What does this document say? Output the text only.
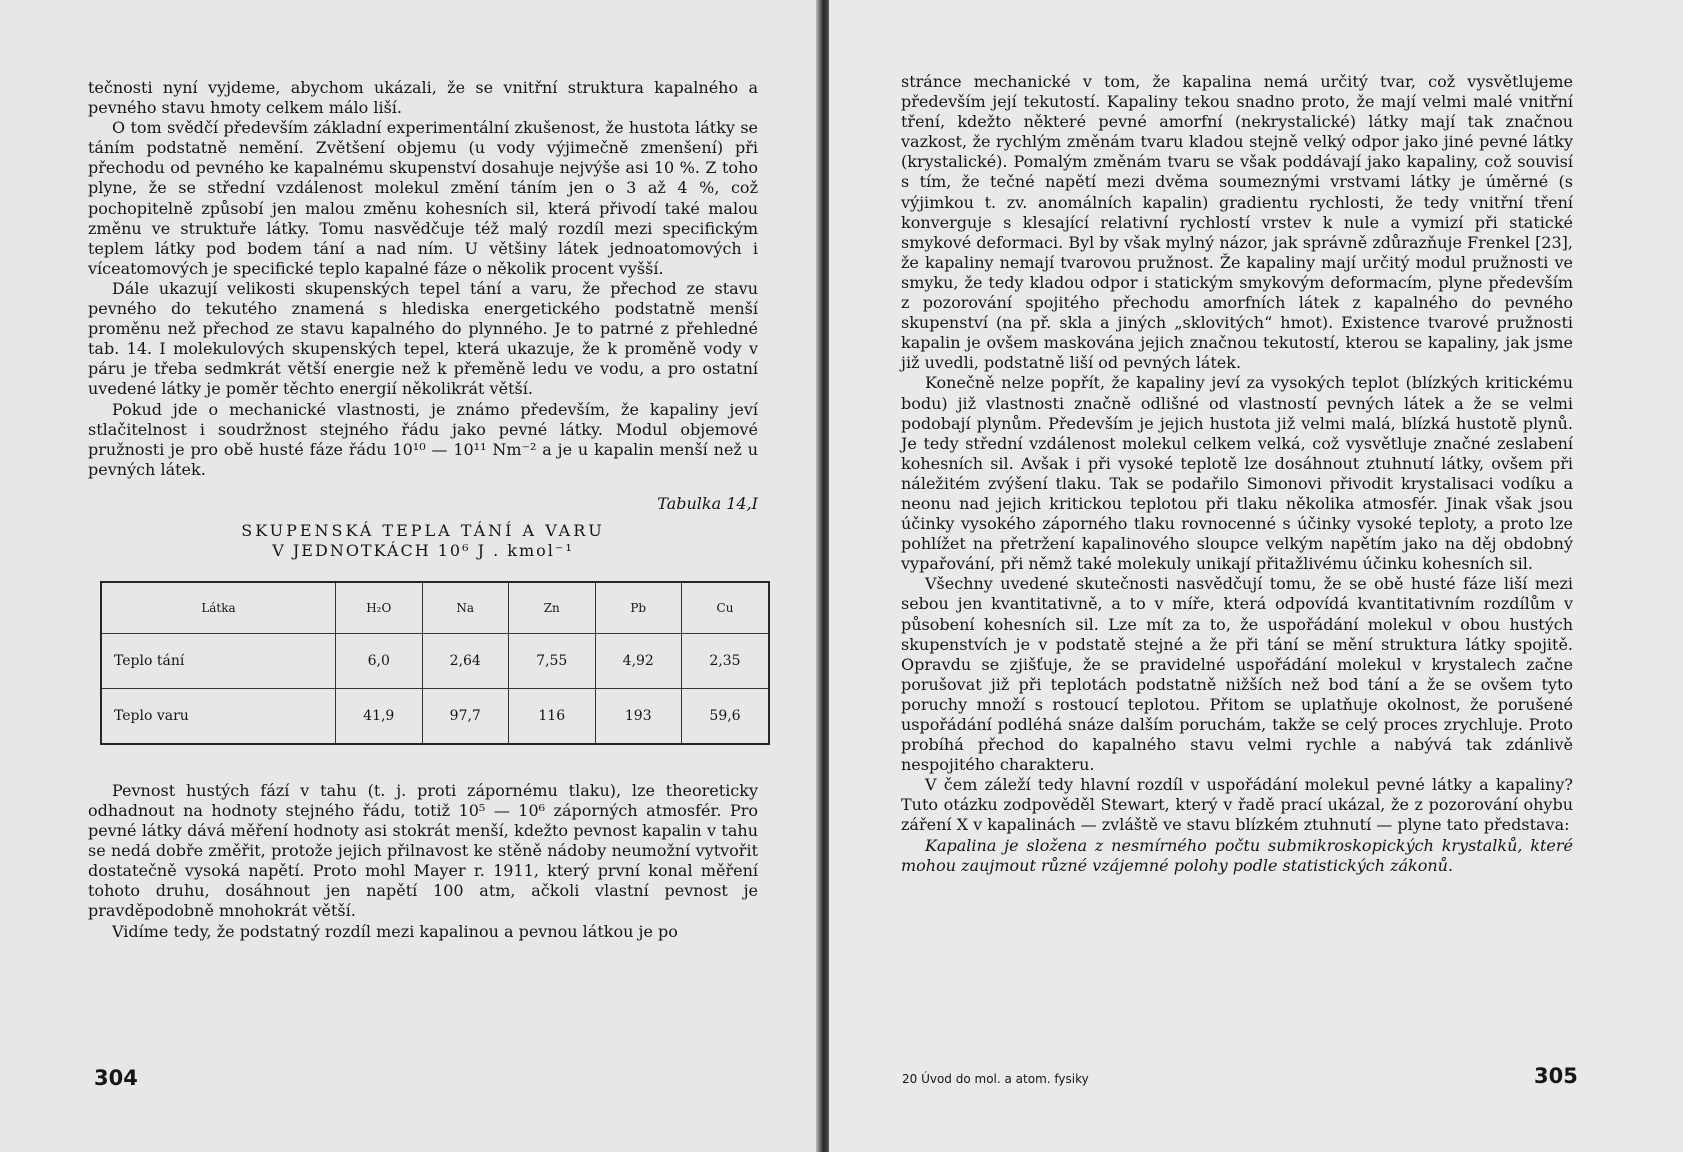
tečnosti nyní vyjdeme, abychom ukázali, že se vnitřní struktura kapalného a pevného stavu hmoty celkem málo liší.

O tom svědčí především základní experimentální zkušenost, že hustota látky se táním podstatně nemění. Zvětšení objemu (u vody výjimečně zmenšení) při přechodu od pevného ke kapalnému skupenství dosahuje nejvýše asi 10 %. Z toho plyne, že se střední vzdálenost molekul změní táním jen o 3 až 4 %, což pochopitelně způsobí jen malou změnu kohesních sil, která přivodí také malou změnu ve struktuře látky. Tomu nasvědčuje též malý rozdíl mezi specifickým teplem látky pod bodem tání a nad ním. U většiny látek jednoatomových i víceatomových je specifické teplo kapalné fáze o několik procent vyšší.

Dále ukazují velikosti skupenských tepel tání a varu, že přechod ze stavu pevného do tekutého znamená s hlediska energetického podstatně menší proměnu než přechod ze stavu kapalného do plynného. Je to patrné z přehledné tab. 14. I molekulových skupenských tepel, která ukazuje, že k proměně vody v páru je třeba sedmkrát větší energie než k přeměně ledu ve vodu, a pro ostatní uvedené látky je poměr těchto energií několikrát větší.

Pokud jde o mechanické vlastnosti, je známo především, že kapaliny jeví stlačitelnost i soudržnost stejného řádu jako pevné látky. Modul objemové pružnosti je pro obě husté fáze řádu 10¹⁰ — 10¹¹ Nm⁻² a je u kapalin menší než u pevných látek.

Tabulka 14,I
SKUPENSKÁ TEPLA TÁNÍ A VARU
V JEDNOTKÁCH 10⁶ J . kmol⁻¹
Látka	H₂O	Na	Zn	Pb	Cu
Teplo tání	6,0	2,64	7,55	4,92	2,35
Teplo varu	41,9	97,7	116	193	59,6

Pevnost hustých fází v tahu (t. j. proti zápornému tlaku), lze theoreticky odhadnout na hodnoty stejného řádu, totiž 10⁵ — 10⁶ záporných atmosfér. Pro pevné látky dává měření hodnoty asi stokrát menší, kdežto pevnost kapalin v tahu se nedá dobře změřit, protože jejich přilnavost ke stěně nádoby neumožní vytvořit dostatečně vysoká napětí. Proto mohl Mayer r. 1911, který první konal měření tohoto druhu, dosáhnout jen napětí 100 atm, ačkoli vlastní pevnost je pravděpodobně mnohokrát větší.

Vidíme tedy, že podstatný rozdíl mezi kapalinou a pevnou látkou je po

304

stránce mechanické v tom, že kapalina nemá určitý tvar, což vysvětlujeme především její tekutostí. Kapaliny tekou snadno proto, že mají velmi malé vnitřní tření, kdežto některé pevné amorfní (nekrystalické) látky mají tak značnou vazkost, že rychlým změnám tvaru kladou stejně velký odpor jako jiné pevné látky (krystalické). Pomalým změnám tvaru se však poddávají jako kapaliny, což souvisí s tím, že tečné napětí mezi dvěma soumeznými vrstvami látky je úměrné (s výjimkou t. zv. anomálních kapalin) gradientu rychlosti, že tedy vnitřní tření konverguje s klesající relativní rychlostí vrstev k nule a vymizí při statické smykové deformaci. Byl by však mylný názor, jak správně zdůrazňuje Frenkel [23], že kapaliny nemají tvarovou pružnost. Že kapaliny mají určitý modul pružnosti ve smyku, že tedy kladou odpor i statickým smykovým deformacím, plyne především z pozorování spojitého přechodu amorfních látek z kapalného do pevného skupenství (na př. skla a jiných „sklovitých“ hmot). Existence tvarové pružnosti kapalin je ovšem maskována jejich značnou tekutostí, kterou se kapaliny, jak jsme již uvedli, podstatně liší od pevných látek.

Konečně nelze popřít, že kapaliny jeví za vysokých teplot (blízkých kritickému bodu) již vlastnosti značně odlišné od vlastností pevných látek a že se velmi podobají plynům. Především je jejich hustota již velmi malá, blízká hustotě plynů. Je tedy střední vzdálenost molekul celkem velká, což vysvětluje značné zeslabení kohesních sil. Avšak i při vysoké teplotě lze dosáhnout ztuhnutí látky, ovšem při náležitém zvýšení tlaku. Tak se podařilo Simonovi přivodit krystalisaci vodíku a neonu nad jejich kritickou teplotou při tlaku několika atmosfér. Jinak však jsou účinky vysokého záporného tlaku rovnocenné s účinky vysoké teploty, a proto lze pohlížet na přetržení kapalinového sloupce velkým napětím jako na děj obdobný vypařování, při němž také molekuly unikají přitažlivému účinku kohesních sil.

Všechny uvedené skutečnosti nasvědčují tomu, že se obě husté fáze liší mezi sebou jen kvantitativně, a to v míře, která odpovídá kvantitativním rozdílům v působení kohesních sil. Lze mít za to, že uspořádání molekul v obou hustých skupenstvích je v podstatě stejné a že při tání se mění struktura látky spojitě. Opravdu se zjišťuje, že se pravidelné uspořádání molekul v krystalech začne porušovat již při teplotách podstatně nižších než bod tání a že se ovšem tyto poruchy množí s rostoucí teplotou. Přitom se uplatňuje okolnost, že porušené uspořádání podléhá snáze dalším poruchám, takže se celý proces zrychluje. Proto probíhá přechod do kapalného stavu velmi rychle a nabývá tak zdánlivě nespojitého charakteru.

V čem záleží tedy hlavní rozdíl v uspořádání molekul pevné látky a kapaliny? Tuto otázku zodpověděl Stewart, který v řadě prací ukázal, že z pozorování ohybu záření X v kapalinách — zvláště ve stavu blízkém ztuhnutí — plyne tato představa:

Kapalina je složena z nesmírného počtu submikroskopických krystalků, které mohou zaujmout různé vzájemné polohy podle statistických zákonů.

20 Úvod do mol. a atom. fysiky	305
